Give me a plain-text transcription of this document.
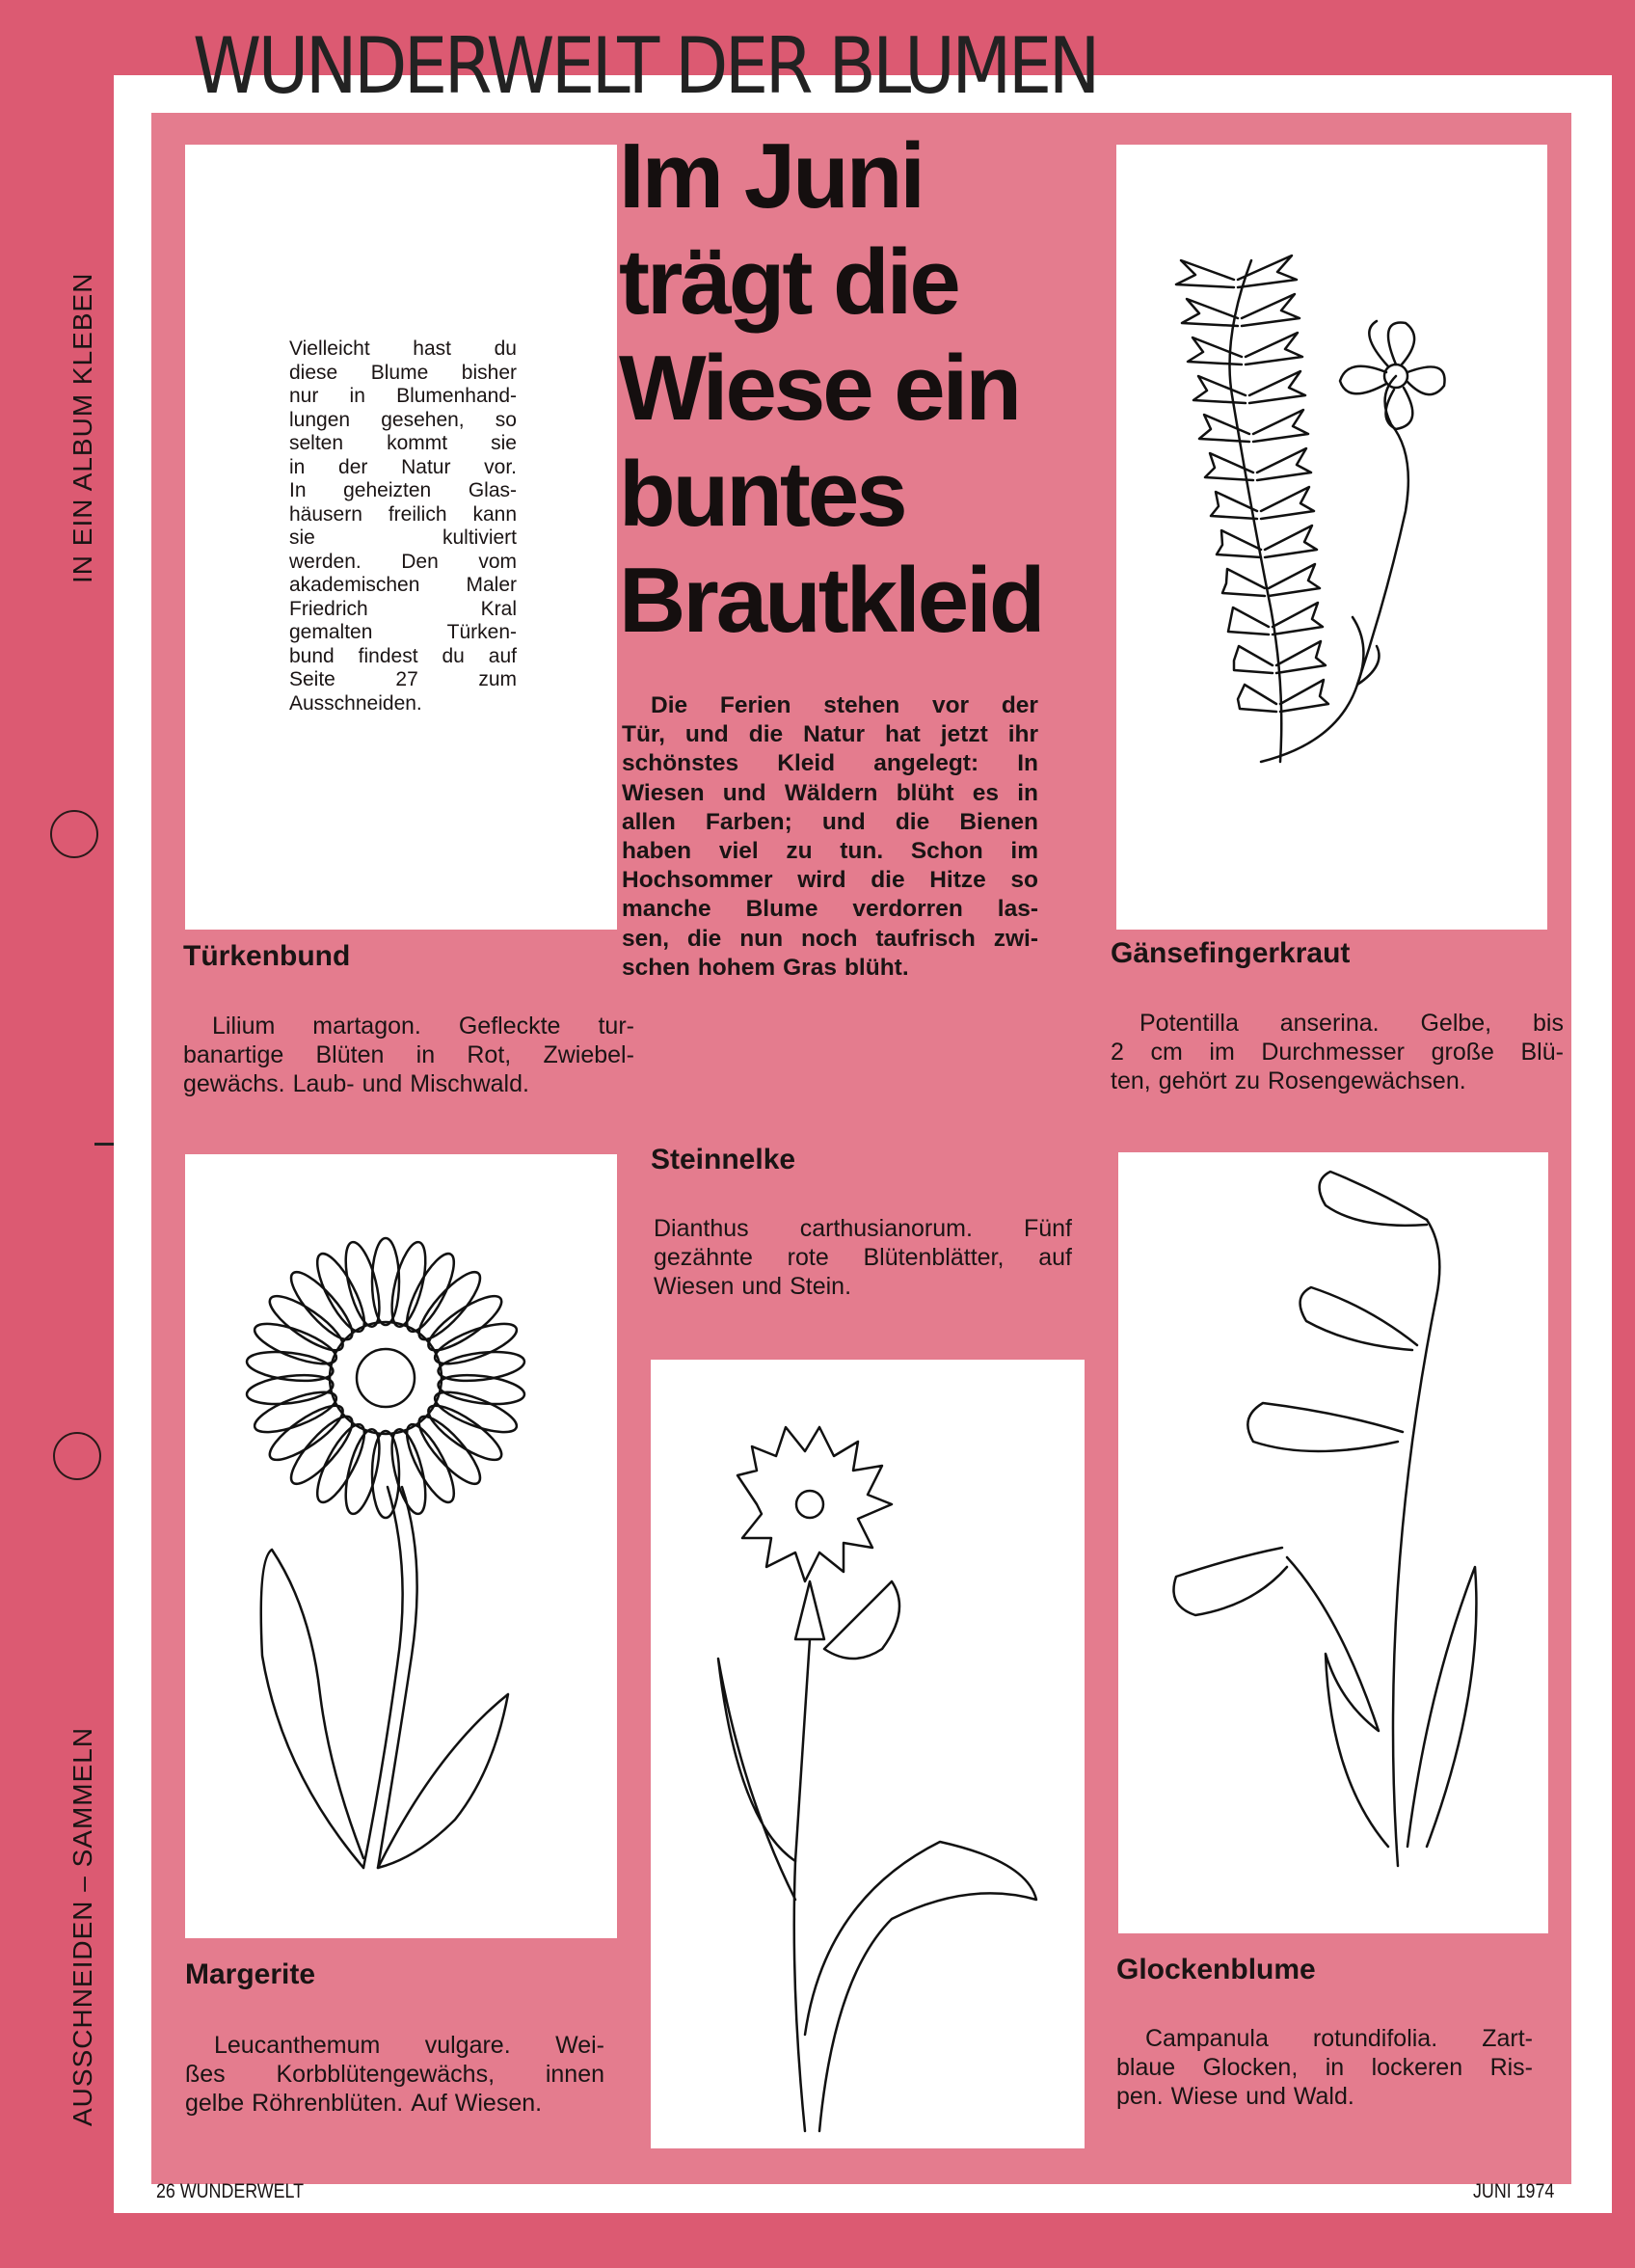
WUNDERWELT DER BLUMEN
IN EIN ALBUM KLEBEN
AUSSCHNEIDEN – SAMMELN
Vielleicht hast du
diese Blume bisher
nur in Blumenhand-
lungen gesehen, so
selten kommt sie
in der Natur vor.
In geheizten Glas-
häusern freilich kann
sie kultiviert
werden. Den vom
akademischen Maler
Friedrich Kral
gemalten Türken-
bund findest du auf
Seite 27 zum
Ausschneiden.
Im Juni
trägt die
Wiese ein
buntes
Brautkleid
Die Ferien stehen vor der
Tür, und die Natur hat jetzt ihr
schönstes Kleid angelegt: In
Wiesen und Wäldern blüht es in
allen Farben; und die Bienen
haben viel zu tun. Schon im
Hochsommer wird die Hitze so
manche Blume verdorren las-
sen, die nun noch taufrisch zwi-
schen hohem Gras blüht.
Türkenbund
Lilium martagon. Gefleckte tur-
banartige Blüten in Rot, Zwiebel-
gewächs. Laub- und Mischwald.
Gänsefingerkraut
Potentilla anserina. Gelbe, bis
2 cm im Durchmesser große Blü-
ten, gehört zu Rosengewächsen.
Steinnelke
Dianthus carthusianorum. Fünf
gezähnte rote Blütenblätter, auf
Wiesen und Stein.
Margerite
Leucanthemum vulgare. Wei-
ßes Korbblütengewächs, innen
gelbe Röhrenblüten. Auf Wiesen.
Glockenblume
Campanula rotundifolia. Zart-
blaue Glocken, in lockeren Ris-
pen. Wiese und Wald.
26 WUNDERWELT	JUNI 1974
